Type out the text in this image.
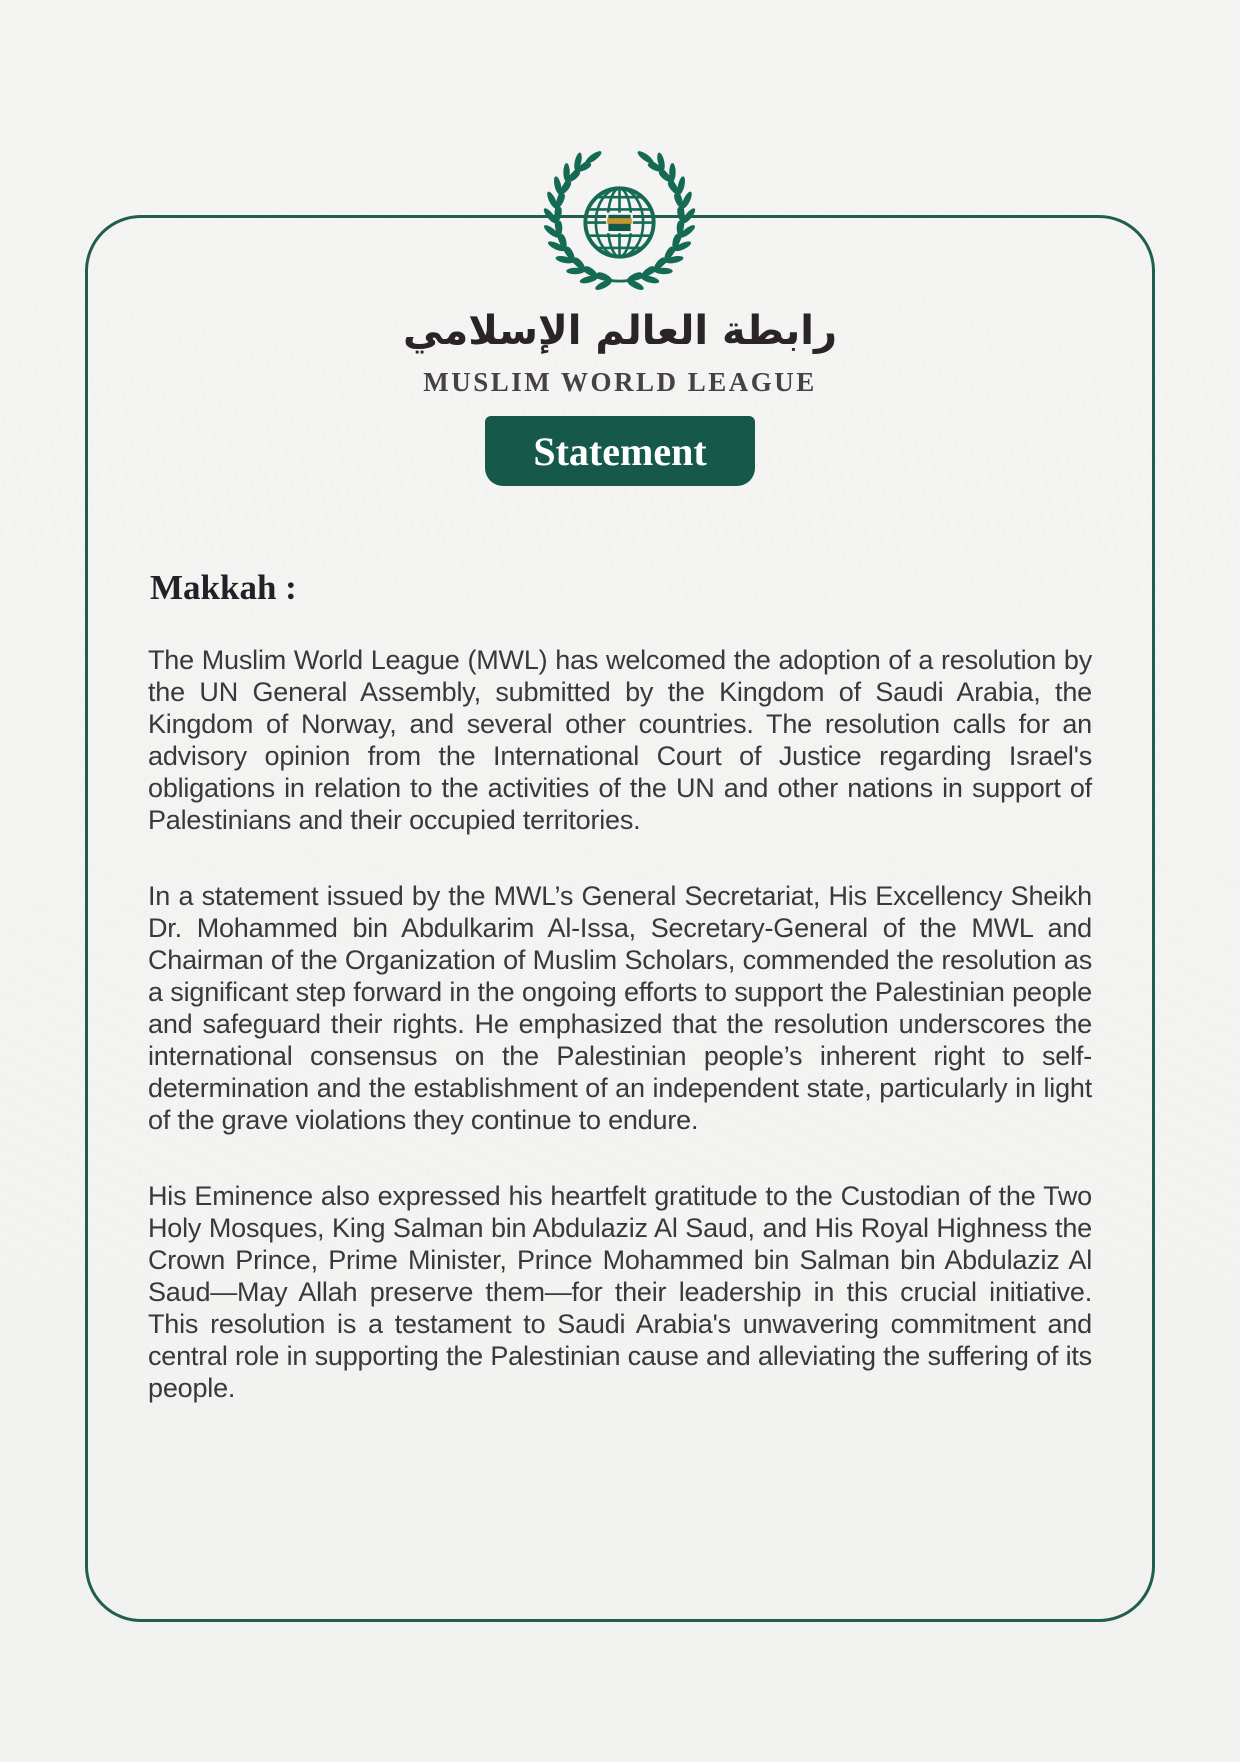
رابطة العالم الإسلامي
MUSLIM WORLD LEAGUE
Statement
Makkah :

The Muslim World League (MWL) has welcomed the adoption of a resolution by the UN General Assembly, submitted by the Kingdom of Saudi Arabia, the Kingdom of Norway, and several other countries. The resolution calls for an advisory opinion from the International Court of Justice regarding Israel's obligations in relation to the activities of the UN and other nations in support of Palestinians and their occupied territories.

In a statement issued by the MWL’s General Secretariat, His Excellency Sheikh Dr. Mohammed bin Abdulkarim Al-Issa, Secretary-General of the MWL and Chairman of the Organization of Muslim Scholars, commended the resolution as a significant step forward in the ongoing efforts to support the Palestinian people and safeguard their rights. He emphasized that the resolution underscores the international consensus on the Palestinian people’s inherent right to self-determination and the establishment of an independent state, particularly in light of the grave violations they continue to endure.

His Eminence also expressed his heartfelt gratitude to the Custodian of the Two Holy Mosques, King Salman bin Abdulaziz Al Saud, and His Royal Highness the Crown Prince, Prime Minister, Prince Mohammed bin Salman bin Abdulaziz Al Saud—May Allah preserve them—for their leadership in this crucial initiative. This resolution is a testament to Saudi Arabia's unwavering commitment and central role in supporting the Palestinian cause and alleviating the suffering of its people.
